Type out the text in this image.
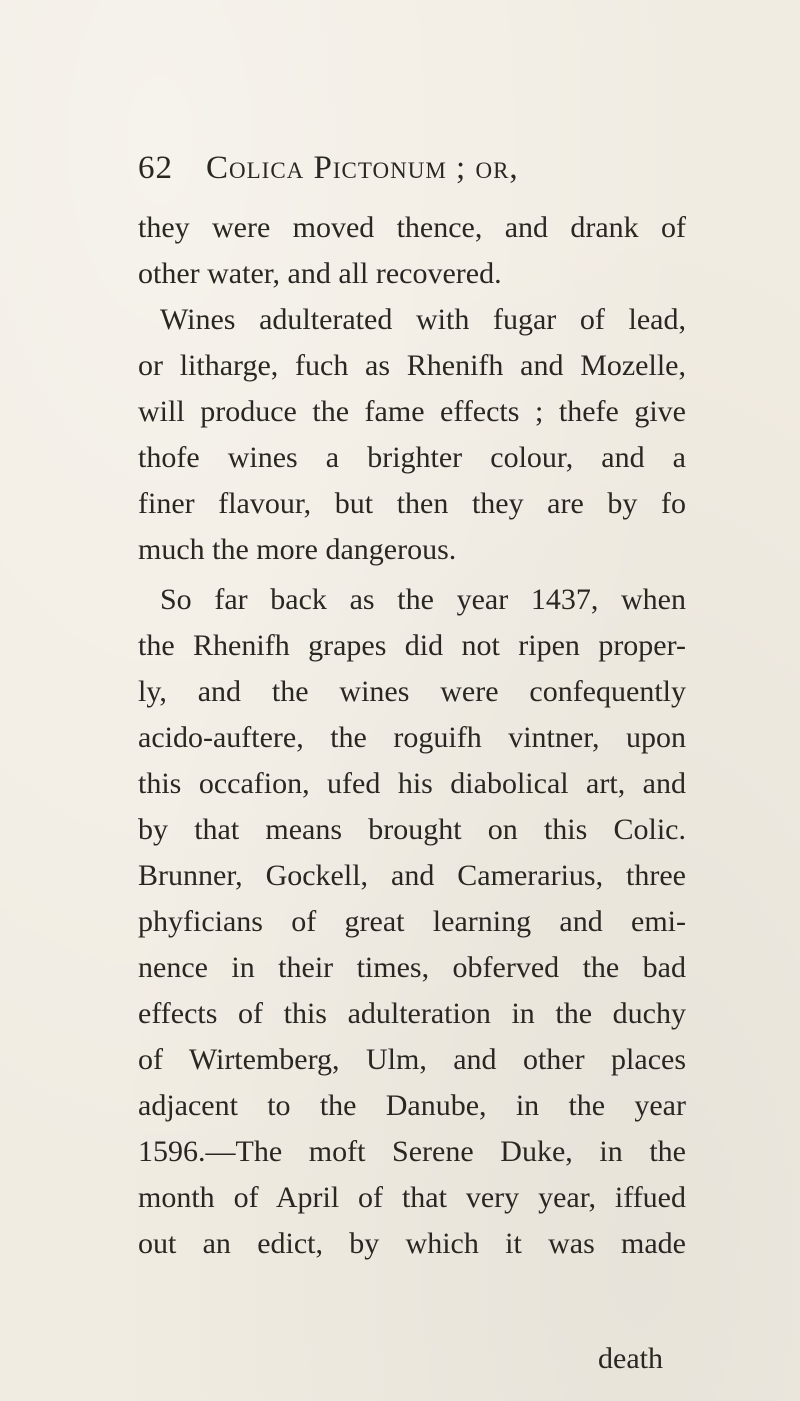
62 Colica Pictonum ; or,
they were moved thence, and drank of
other water, and all recovered.
Wines adulterated with fugar of lead,
or litharge, fuch as Rhenifh and Mozelle,
will produce the fame effects ; thefe give
thofe wines a brighter colour, and a
finer flavour, but then they are by fo
much the more dangerous.
So far back as the year 1437, when
the Rhenifh grapes did not ripen proper-
ly, and the wines were confequently
acido-auftere, the roguifh vintner, upon
this occafion, ufed his diabolical art, and
by that means brought on this Colic.
Brunner, Gockell, and Camerarius, three
phyficians of great learning and emi-
nence in their times, obferved the bad
effects of this adulteration in the duchy
of Wirtemberg, Ulm, and other places
adjacent to the Danube, in the year
1596.—The moft Serene Duke, in the
month of April of that very year, iffued
out an edict, by which it was made
death
